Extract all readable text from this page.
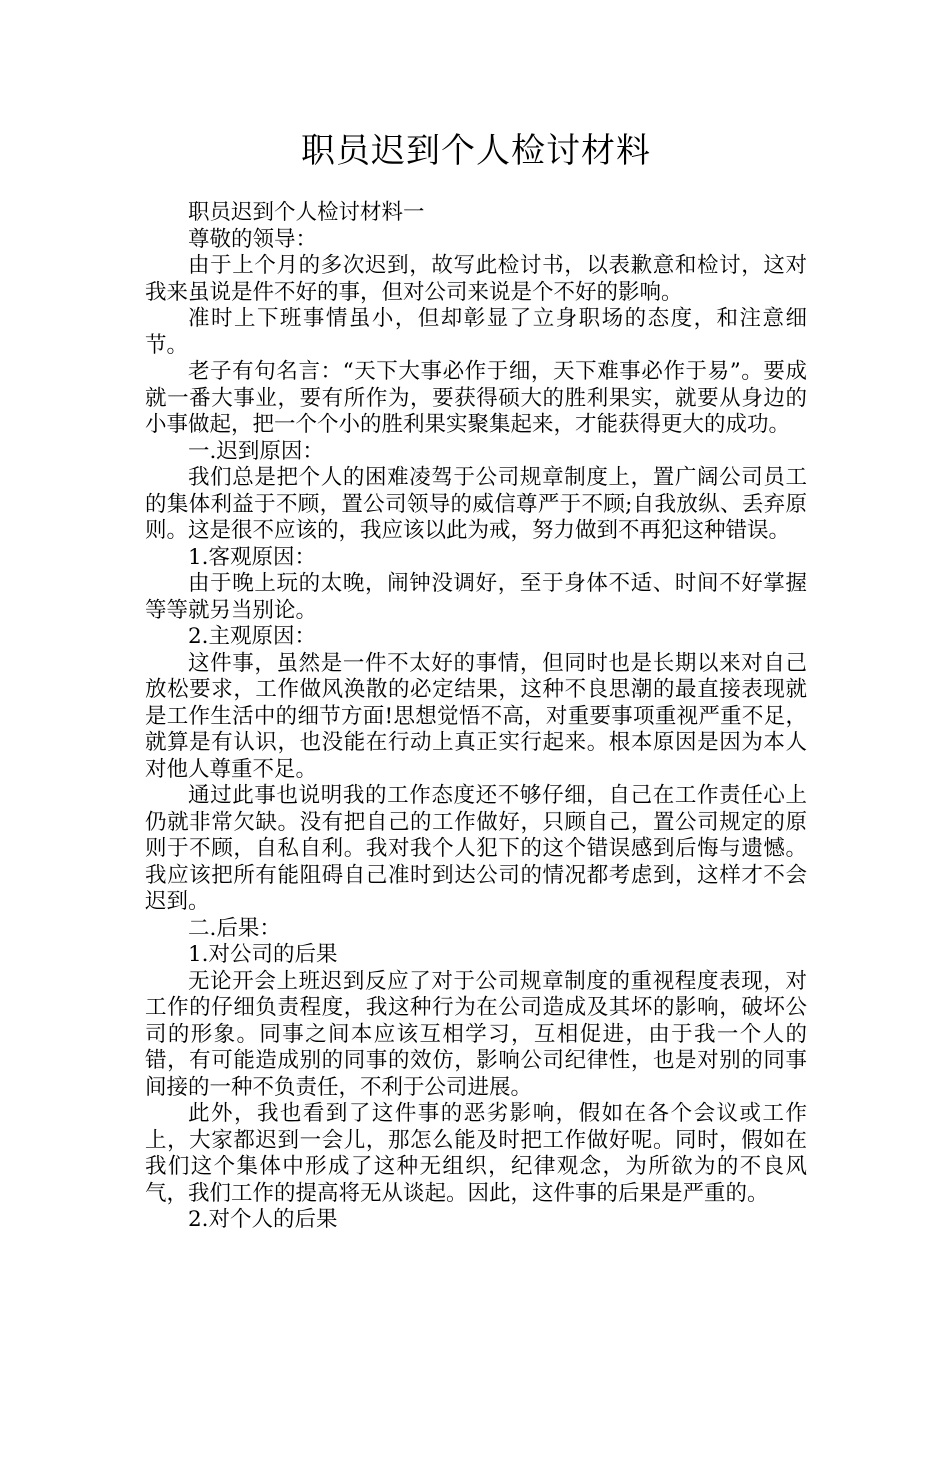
职员迟到个人检讨材料

职员迟到个人检讨材料一

尊敬的领导：

由于上个月的多次迟到，故写此检讨书，以表歉意和检讨，这对我来虽说是件不好的事，但对公司来说是个不好的影响。

准时上下班事情虽小，但却彰显了立身职场的态度，和注意细节。

老子有句名言：“天下大事必作于细，天下难事必作于易”。要成就一番大事业，要有所作为，要获得硕大的胜利果实，就要从身边的小事做起，把一个个小的胜利果实聚集起来，才能获得更大的成功。

一.迟到原因：

我们总是把个人的困难凌驾于公司规章制度上，置广阔公司员工的集体利益于不顾，置公司领导的威信尊严于不顾;自我放纵、丢弃原则。这是很不应该的，我应该以此为戒，努力做到不再犯这种错误。

1.客观原因：

由于晚上玩的太晚，闹钟没调好，至于身体不适、时间不好掌握等等就另当别论。

2.主观原因：

这件事，虽然是一件不太好的事情，但同时也是长期以来对自己放松要求，工作做风涣散的必定结果，这种不良思潮的最直接表现就是工作生活中的细节方面!思想觉悟不高，对重要事项重视严重不足，就算是有认识，也没能在行动上真正实行起来。根本原因是因为本人对他人尊重不足。

通过此事也说明我的工作态度还不够仔细，自己在工作责任心上仍就非常欠缺。没有把自己的工作做好，只顾自己，置公司规定的原则于不顾，自私自利。我对我个人犯下的这个错误感到后悔与遗憾。我应该把所有能阻碍自己准时到达公司的情况都考虑到，这样才不会迟到。

二.后果：

1.对公司的后果

无论开会上班迟到反应了对于公司规章制度的重视程度表现，对工作的仔细负责程度，我这种行为在公司造成及其坏的影响，破坏公司的形象。同事之间本应该互相学习，互相促进，由于我一个人的错，有可能造成别的同事的效仿，影响公司纪律性，也是对别的同事间接的一种不负责任，不利于公司进展。

此外，我也看到了这件事的恶劣影响，假如在各个会议或工作上，大家都迟到一会儿，那怎么能及时把工作做好呢。同时，假如在我们这个集体中形成了这种无组织，纪律观念，为所欲为的不良风气，我们工作的提高将无从谈起。因此，这件事的后果是严重的。

2.对个人的后果
